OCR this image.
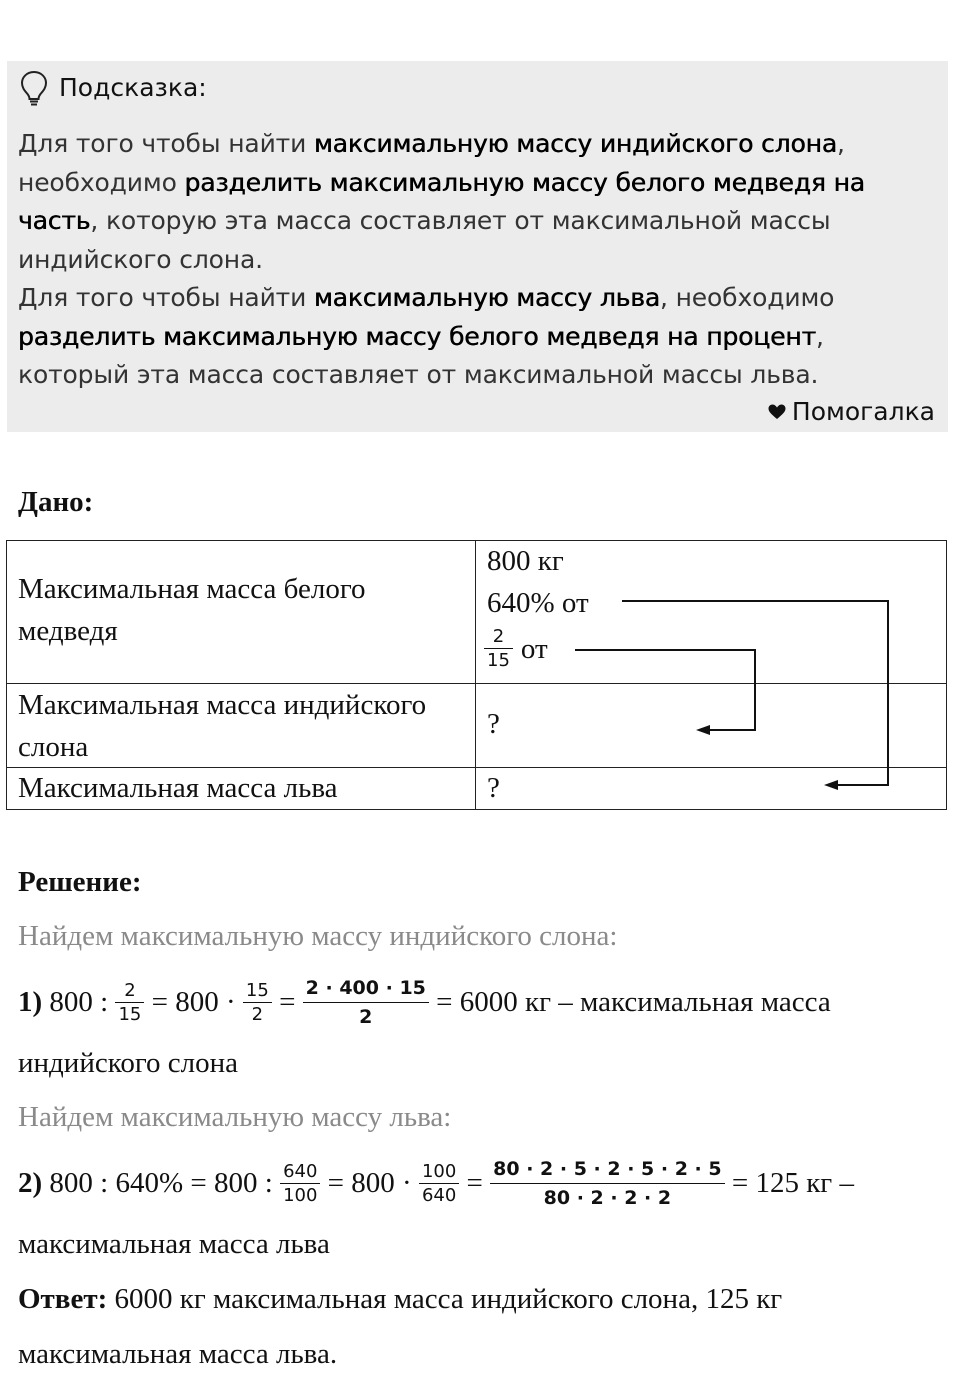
Подсказка:

Для того чтобы найти максимальную массу индийского слона,
необходимо разделить максимальную массу белого медведя на
часть, которую эта масса составляет от максимальной массы
индийского слона.

Для того чтобы найти максимальную массу льва, необходимо
разделить максимальную массу белого медведя на процент,
который эта масса составляет от максимальной массы льва.

Помогалка
Дано:
Максимальная масса белого
медведя
800 кг
640% от
$\frac{2}{15}$ от
Максимальная масса индийского
слона
?
Максимальная масса льва	?
Решение:
Найдем максимальную массу индийского слона:
1) 800 : $\frac{2}{15} = 800 \cdot \frac{15}{2} = \frac{2 \cdot 400 \cdot 15}{2} = 6000$ кг – максимальная масса
индийского слона
Найдем максимальную массу льва:
2) 800 : 640% = 800 : $\frac{640}{100} = 800 \cdot \frac{100}{640} = \frac{80 \cdot 2 \cdot 5 \cdot 2 \cdot 5 \cdot 2 \cdot 5}{80 \cdot 2 \cdot 2 \cdot 2} = 125$ кг –
максимальная масса льва
Ответ: 6000 кг максимальная масса индийского слона, 125 кг
максимальная масса льва.
